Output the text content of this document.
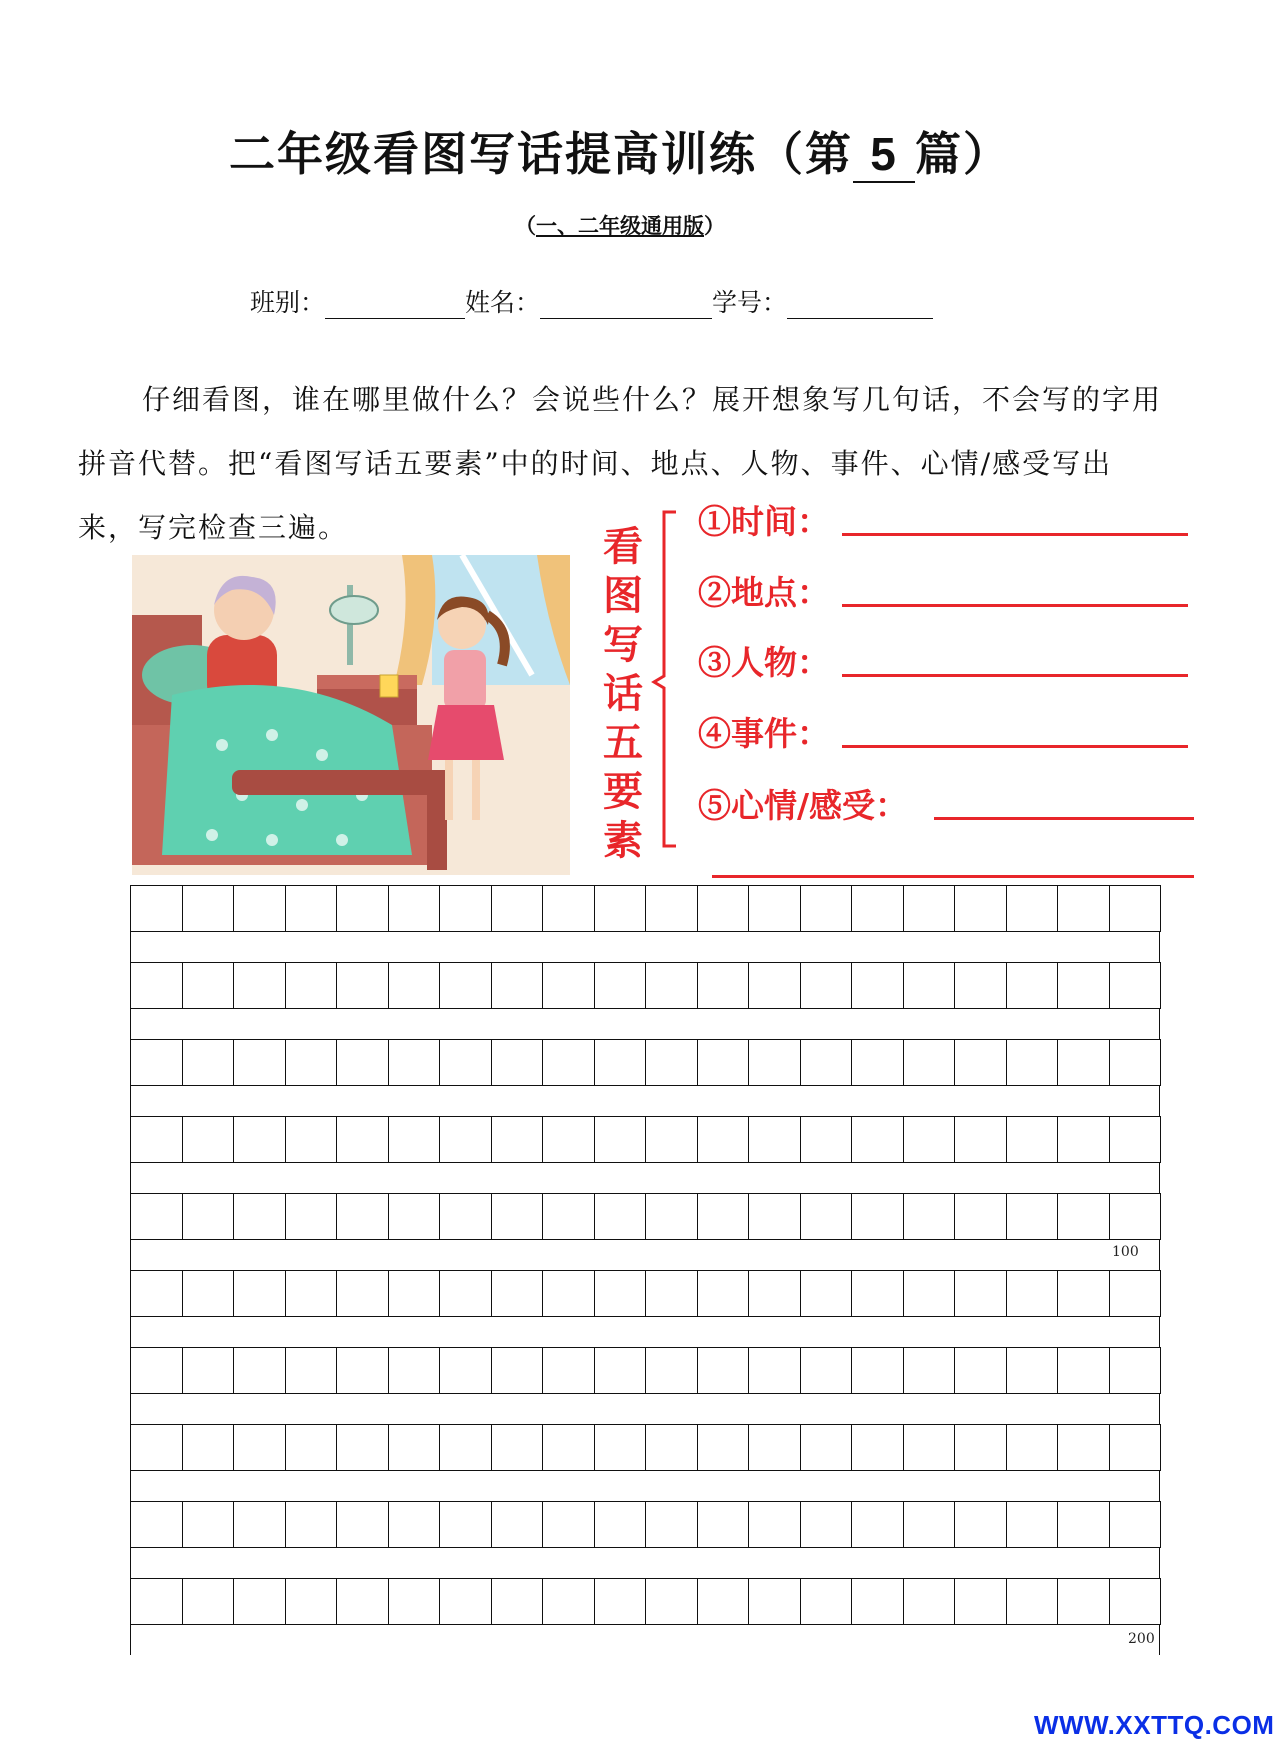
二年级看图写话提高训练（第 5 篇）
（一、二年级通用版）
班别：	姓名：	学号：
仔细看图，谁在哪里做什么？会说些什么？展开想象写几句话，不会写的字用拼音代替。把“看图写话五要素”中的时间、地点、人物、事件、心情/感受写出来，写完检查三遍。	看
图
写
话
五
要
素
①时间：
②地点：
③人物：
④事件：
⑤心情/感受：
100
200
WWW.XXTTQ.COM
